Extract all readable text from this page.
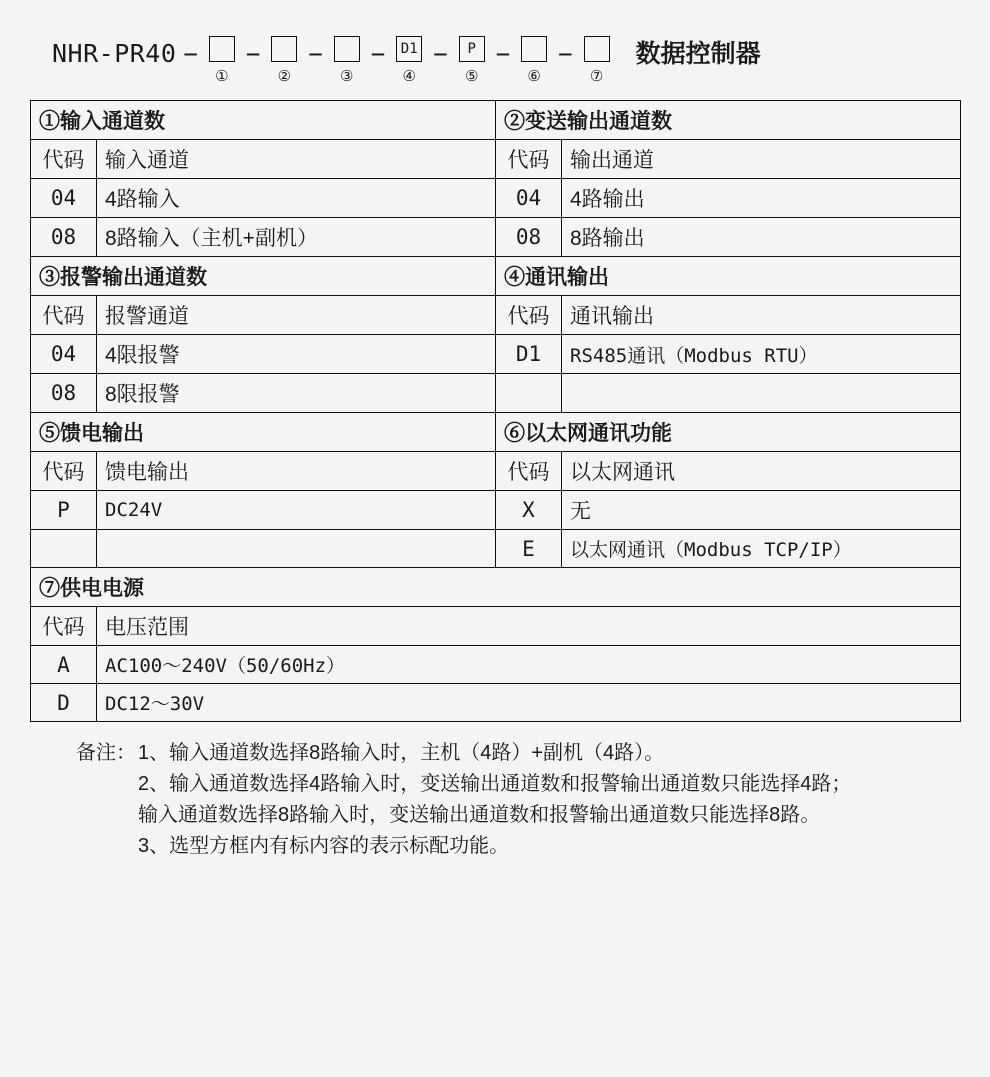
NHR-PR40 −
①
−
②
−
③
−	D1
④
−	P
⑤
−
⑥
−
⑦
数据控制器
①输入通道数		②变送输出通道数	
代码	输入通道	代码	输出通道
04	4路输入	04	4路输出
08	8路输入（主机+副机）	08	8路输出
③报警输出通道数		④通讯输出	
代码	报警通道	代码	通讯输出
04	4限报警	D1	RS485通讯（Modbus RTU）
08	8限报警		
⑤馈电输出		⑥以太网通讯功能	
代码	馈电输出	代码	以太网通讯
P	DC24V	X	无
		E	以太网通讯（Modbus TCP/IP）
⑦供电电源			
代码	电压范围		
A	AC100～240V（50/60Hz）		
D	DC12～30V		
备注： 1、输入通道数选择8路输入时，主机（4路）+副机（4路）。
2、输入通道数选择4路输入时，变送输出通道数和报警输出通道数只能选择4路；
输入通道数选择8路输入时，变送输出通道数和报警输出通道数只能选择8路。
3、选型方框内有标内容的表示标配功能。
